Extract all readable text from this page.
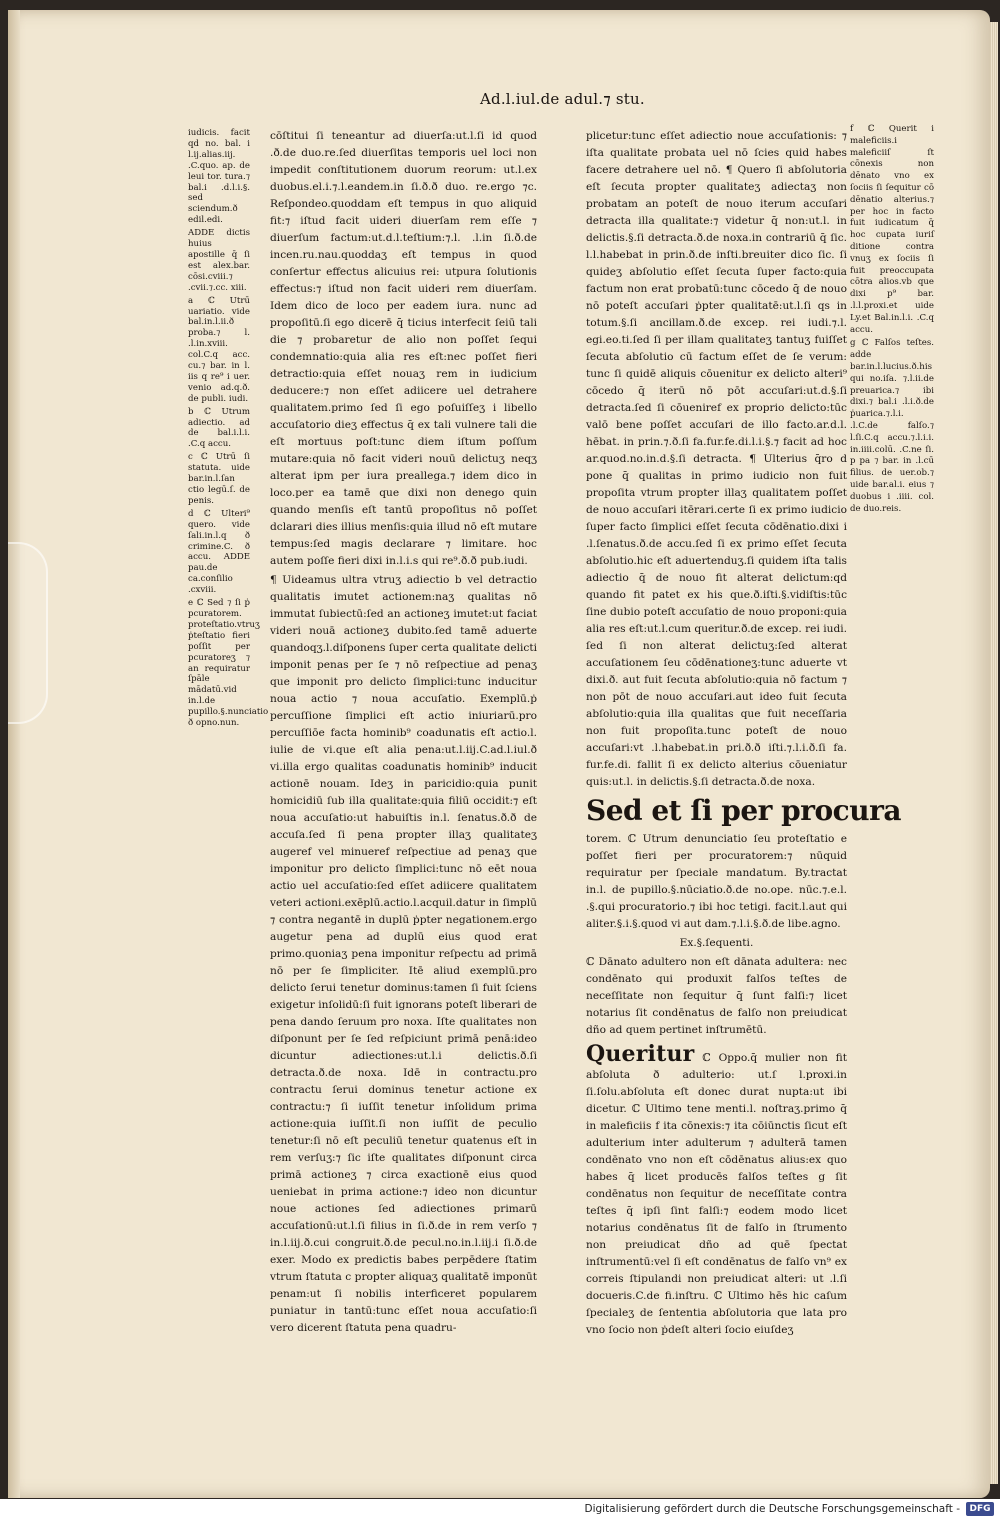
Ad.l.iul.de adul.⁊ stu.

iudicis. facit qd no. bal. i l.ij.alias.iij. .C.quo. ap. de leui tor. tura.⁊ bal.i .d.l.i.§. sed sciendum.ð edil.edi.

ADDE dictis huius apostille q̄ ſi est alex.bar. cōsi.cviii.⁊ .cvii.⁊.cc. xiii.

a ℂ Utrū uariatio. vide bal.in.l.ii.ð proba.⁊ l. .l.in.xviii. col.C.q acc. cu.⁊ bar. in l. iis q re⁹ i uer. venio ad.q.ð. de publi. iudi.

b ℂ Utrum adiectio. ad de bal.i.l.i. .C.q accu.

c ℂ Utrū ſi statuta. uide bar.in.l.ſan ctio legū.ſ. de penis.

d ℂ Ulteri⁹ quero. vide ſali.in.l.q ð crimine.C. ð accu. ADDE pau.de ca.conſilio .cxviii.

e ℂ Sed ⁊ ſi ṗ pcuratorem. proteſtatio.vtruʒ ṗteſtatio fieri poſſit per pcuratoreʒ ⁊ an requiratur ſpāle mādatū.vid in.l.de pupillo.§.nunciatio ð opno.nun.

cōſtitui ſi teneantur ad diuerſa:ut.l.ſi id quod .ð.de duo.re.ſed diuerſitas temporis uel loci non impedit conſtitutionem duorum reorum: ut.l.ex duobus.el.i.⁊.l.eandem.in ſi.ð.ð duo. re.ergo ⁊c. Reſpondeo.quoddam eſt tempus in quo aliquid fit:⁊ iſtud facit uideri diuerſam rem eſſe ⁊ diuerſum factum:ut.d.l.teſtium:⁊.l. .l.in ſi.ð.de incen.ru.nau.quoddaʒ eſt tempus in quod conſertur effectus alicuius rei: utpura ſolutionis effectus:⁊ iſtud non facit uideri rem diuerſam. Idem dico de loco per eadem iura. nunc ad propoſitū.ſi ego dicerē q̄ ticius interfecit ſeiū tali die ⁊ probaretur de alio non poſſet ſequi condemnatio:quia alia res eſt:nec poſſet fieri detractio:quia eſſet nouaʒ rem in iudicium deducere:⁊ non eſſet adiicere uel detrahere qualitatem.primo ſed ſi ego poſuiſſeʒ i libello accuſatorio dieʒ effectus q̄ ex tali vulnere tali die eſt mortuus poſt:tunc diem iſtum poſſum mutare:quia nō facit videri nouū delictuʒ neqʒ alterat ipm per iura preallega.⁊ idem dico in loco.per ea tamē que dixi non denego quin quando menſis eſt tantū propoſitus nō poſſet dclarari dies illius menſis:quia illud nō eſt mutare tempus:ſed magis declarare ⁊ limitare. hoc autem poſſe fieri dixi in.l.i.s qui re⁹.ð.ð pub.iudi.

¶ Uideamus ultra vtruʒ adiectio b vel detractio qualitatis imutet actionem:naʒ qualitas nō immutat ſubiectū:ſed an actioneʒ imutet:ut faciat videri nouā actioneʒ dubito.ſed tamē aduerte quandoqʒ.l.diſponens ſuper certa qualitate delicti imponit penas per ſe ⁊ nō reſpectiue ad penaʒ que imponit pro delicto ſimplici:tunc inducitur noua actio ⁊ noua accuſatio. Exemplū.ṗ percuſſione ſimplici eſt actio iniuriarū.pro percuſſiōe facta hominib⁹ coadunatis eſt actio.l. iulie de vi.que eſt alia pena:ut.l.iij.C.ad.l.iul.ð vi.illa ergo qualitas coadunatis hominib⁹ inducit actionē nouam. Ideʒ in paricidio:quia punit homicidiū ſub illa qualitate:quia filiū occidit:⁊ eſt noua accuſatio:ut habuiſtis in.l. ſenatus.ð.ð de accuſa.ſed ſi pena propter illaʒ qualitateʒ augeref vel minueref reſpectiue ad penaʒ que imponitur pro delicto ſimplici:tunc nō eēt noua actio uel accuſatio:ſed eſſet adiicere qualitatem veteri actioni.exēplū.actio.l.acquil.datur in ſimplū ⁊ contra negantē in duplū ṗpter negationem.ergo augetur pena ad duplū eius quod erat primo.quoniaʒ pena imponitur reſpectu ad primā nō per ſe ſimpliciter. Itē aliud exemplū.pro delicto ſerui tenetur dominus:tamen ſi fuit ſciens exigetur inſolidū:ſi fuit ignorans poteſt liberari de pena dando ſeruum pro noxa. Iſte qualitates non diſponunt per ſe ſed reſpiciunt primā penā:ideo dicuntur adiectiones:ut.l.i delictis.ð.ſi detracta.ð.de noxa. Idē in contractu.pro contractu ſerui dominus tenetur actione ex contractu:⁊ ſi iuſſit tenetur inſolidum prima actione:quia iuſſit.ſi non iuſſit de peculio tenetur:ſi nō eſt peculiū tenetur quatenus eſt in rem verſuʒ:⁊ ſic iſte qualitates diſponunt circa primā actioneʒ ⁊ circa exactionē eius quod ueniebat in prima actione:⁊ ideo non dicuntur noue actiones ſed adiectiones primarū accuſationū:ut.l.ſi filius in ſi.ð.de in rem verſo ⁊ in.l.iij.ð.cui congruit.ð.de pecul.no.in.l.iij.i ſi.ð.de exer. Modo ex predictis babes perpēdere ſtatim vtrum ſtatuta c propter aliquaʒ qualitatē imponūt penam:ut ſi nobilis interficeret popularem puniatur in tantū:tunc eſſet noua accuſatio:ſi vero dicerent ſtatuta pena quadru-

plicetur:tunc eſſet adiectio noue accuſationis: ⁊ iſta qualitate probata uel nō ſcies quid habes facere detrahere uel nō. ¶ Quero ſi abſolutoria eſt ſecuta propter qualitateʒ adiectaʒ non probatam an poteſt de nouo iterum accuſari detracta illa qualitate:⁊ videtur q̄ non:ut.l. in delictis.§.ſi detracta.ð.de noxa.in contrariū q̄ ſic. l.l.habebat in prin.ð.de inſti.breuiter dico ſic. ſi quideʒ abſolutio eſſet ſecuta ſuper facto:quia factum non erat probatū:tunc cōcedo q̄ de nouo nō poteſt accuſari ṗpter qualitatē:ut.l.ſi qs in totum.§.ſi ancillam.ð.de excep. rei iudi.⁊.l. egi.eo.ti.ſed ſi per illam qualitateʒ tantuʒ fuiſſet ſecuta abſolutio cū factum eſſet de ſe verum: tunc ſi quidē aliquis cōuenitur ex delicto alteri⁹ cōcedo q̄ iterū nō pōt accuſari:ut.d.§.ſi detracta.ſed ſi cōueniref ex proprio delicto:tūc valō bene poſſet accuſari de illo facto.ar.d.l. hēbat. in prin.⁊.ð.ſi fa.fur.fe.di.l.i.§.⁊ facit ad hoc ar.quod.no.in.d.§.ſi detracta. ¶ Ulterius q̄ro d pone q̄ qualitas in primo iudicio non fuit propoſita vtrum propter illaʒ qualitatem poſſet de nouo accuſari itērari.certe ſi ex primo iudicio ſuper facto ſimplici eſſet ſecuta cōdēnatio.dixi i .l.ſenatus.ð.de accu.ſed ſi ex primo eſſet ſecuta abſolutio.hic eſt aduertenduʒ.ſi quidem iſta talis adiectio q̄ de nouo fit alterat delictum:qd quando fit patet ex his que.ð.iſti.§.vidiſtis:tūc ſine dubio poteſt accuſatio de nouo proponi:quia alia res eſt:ut.l.cum queritur.ð.de excep. rei iudi. ſed ſi non alterat delictuʒ:ſed alterat accuſationem ſeu cōdēnationeʒ:tunc aduerte vt dixi.ð. aut fuit ſecuta abſolutio:quia nō factum ⁊ non pōt de nouo accuſari.aut ideo fuit ſecuta abſolutio:quia illa qualitas que fuit neceſſaria non fuit propoſita.tunc poteſt de nouo accuſari:vt .l.habebat.in pri.ð.ð iſti.⁊.l.i.ð.ſi fa. fur.fe.di. fallit ſi ex delicto alterius cōueniatur quis:ut.l. in delictis.§.ſi detracta.ð.de noxa.

Sed et ſi per procura

torem. ℂ Utrum denunciatio ſeu proteſtatio e poſſet fieri per procuratorem:⁊ nūquid requiratur per ſpeciale mandatum. By.tractat in.l. de pupillo.§.nūciatio.ð.de no.ope. nūc.⁊.e.l. .§.qui procuratorio.⁊ ibi hoc tetigi. facit.l.aut qui aliter.§.i.§.quod vi aut dam.⁊.l.i.§.ð.de libe.agno.

Ex.§.ſequenti.

ℂ Dānato adultero non eſt dānata adultera: nec condēnato qui produxit falſos teſtes de neceſſitate non ſequitur q̄ ſunt falſi:⁊ licet notarius ſit condēnatus de falſo non preiudicat dño ad quem pertinet inſtrumētū.

Queritur ℂ Oppo.q̄ mulier non fit abſoluta ð adulterio: ut.ſ l.proxi.in ſi.ſolu.abſoluta eſt donec durat nupta:ut ibi dicetur. ℂ Ultimo tene menti.l. noſtraʒ.primo q̄ in maleficiis f ita cōnexis:⁊ ita cōiūnctis ſicut eſt adulterium inter adulterum ⁊ adulterā tamen condēnato vno non eſt cōdēnatus alius:ex quo habes q̄ licet producēs falſos teſtes g ſit condēnatus non ſequitur de neceſſitate contra teſtes q̄ ipſi ſint falſi:⁊ eodem modo licet notarius condēnatus ſit de falſo in ſtrumento non preiudicat dño ad quē ſpectat inſtrumentū:vel ſi eſt condēnatus de falſo vn⁹ ex correis ſtipulandi non preiudicat alteri: ut .l.ſi docueris.C.de fi.inſtru. ℂ Ultimo hēs hic caſum ſpecialeʒ de ſententia abſolutoria que lata pro vno ſocio non ṗdeſt alteri ſocio eiuſdeʒ

f ℂ Querit i maleficiis.i maleficiiſ ſt cōnexis non dēnato vno ex ſociis ſi ſequitur cō dēnatio alterius.⁊ per hoc in facto fuit iudicatum q̄ hoc cupata iuriſ ditione contra vnuʒ ex ſociis ſi fuit preoccupata cōtra alios.vb que dixi p⁹ bar. .l.l.proxi.et uide Ly.et Bal.in.l.i. .C.q accu.

g ℂ Falſos teſtes. adde bar.in.l.lucius.ð.his qui no.iſa. ⁊.l.ii.de preuarica.⁊ ibi dixi.⁊ bal.i .l.i.ð.de ṗuarica.⁊.l.i. .l.C.de falſo.⁊ l.ſi.C.q accu.⁊.l.i.i. in.iiii.colū. .C.ne ſi. p pa ⁊ bar. in .l.cū filius. de uer.ob.⁊ uide bar.al.i. eius ⁊ duobus i .iiii. col. de duo.reis.

Digitalisierung gefördert durch die Deutsche Forschungsgemeinschaft -	DFG
